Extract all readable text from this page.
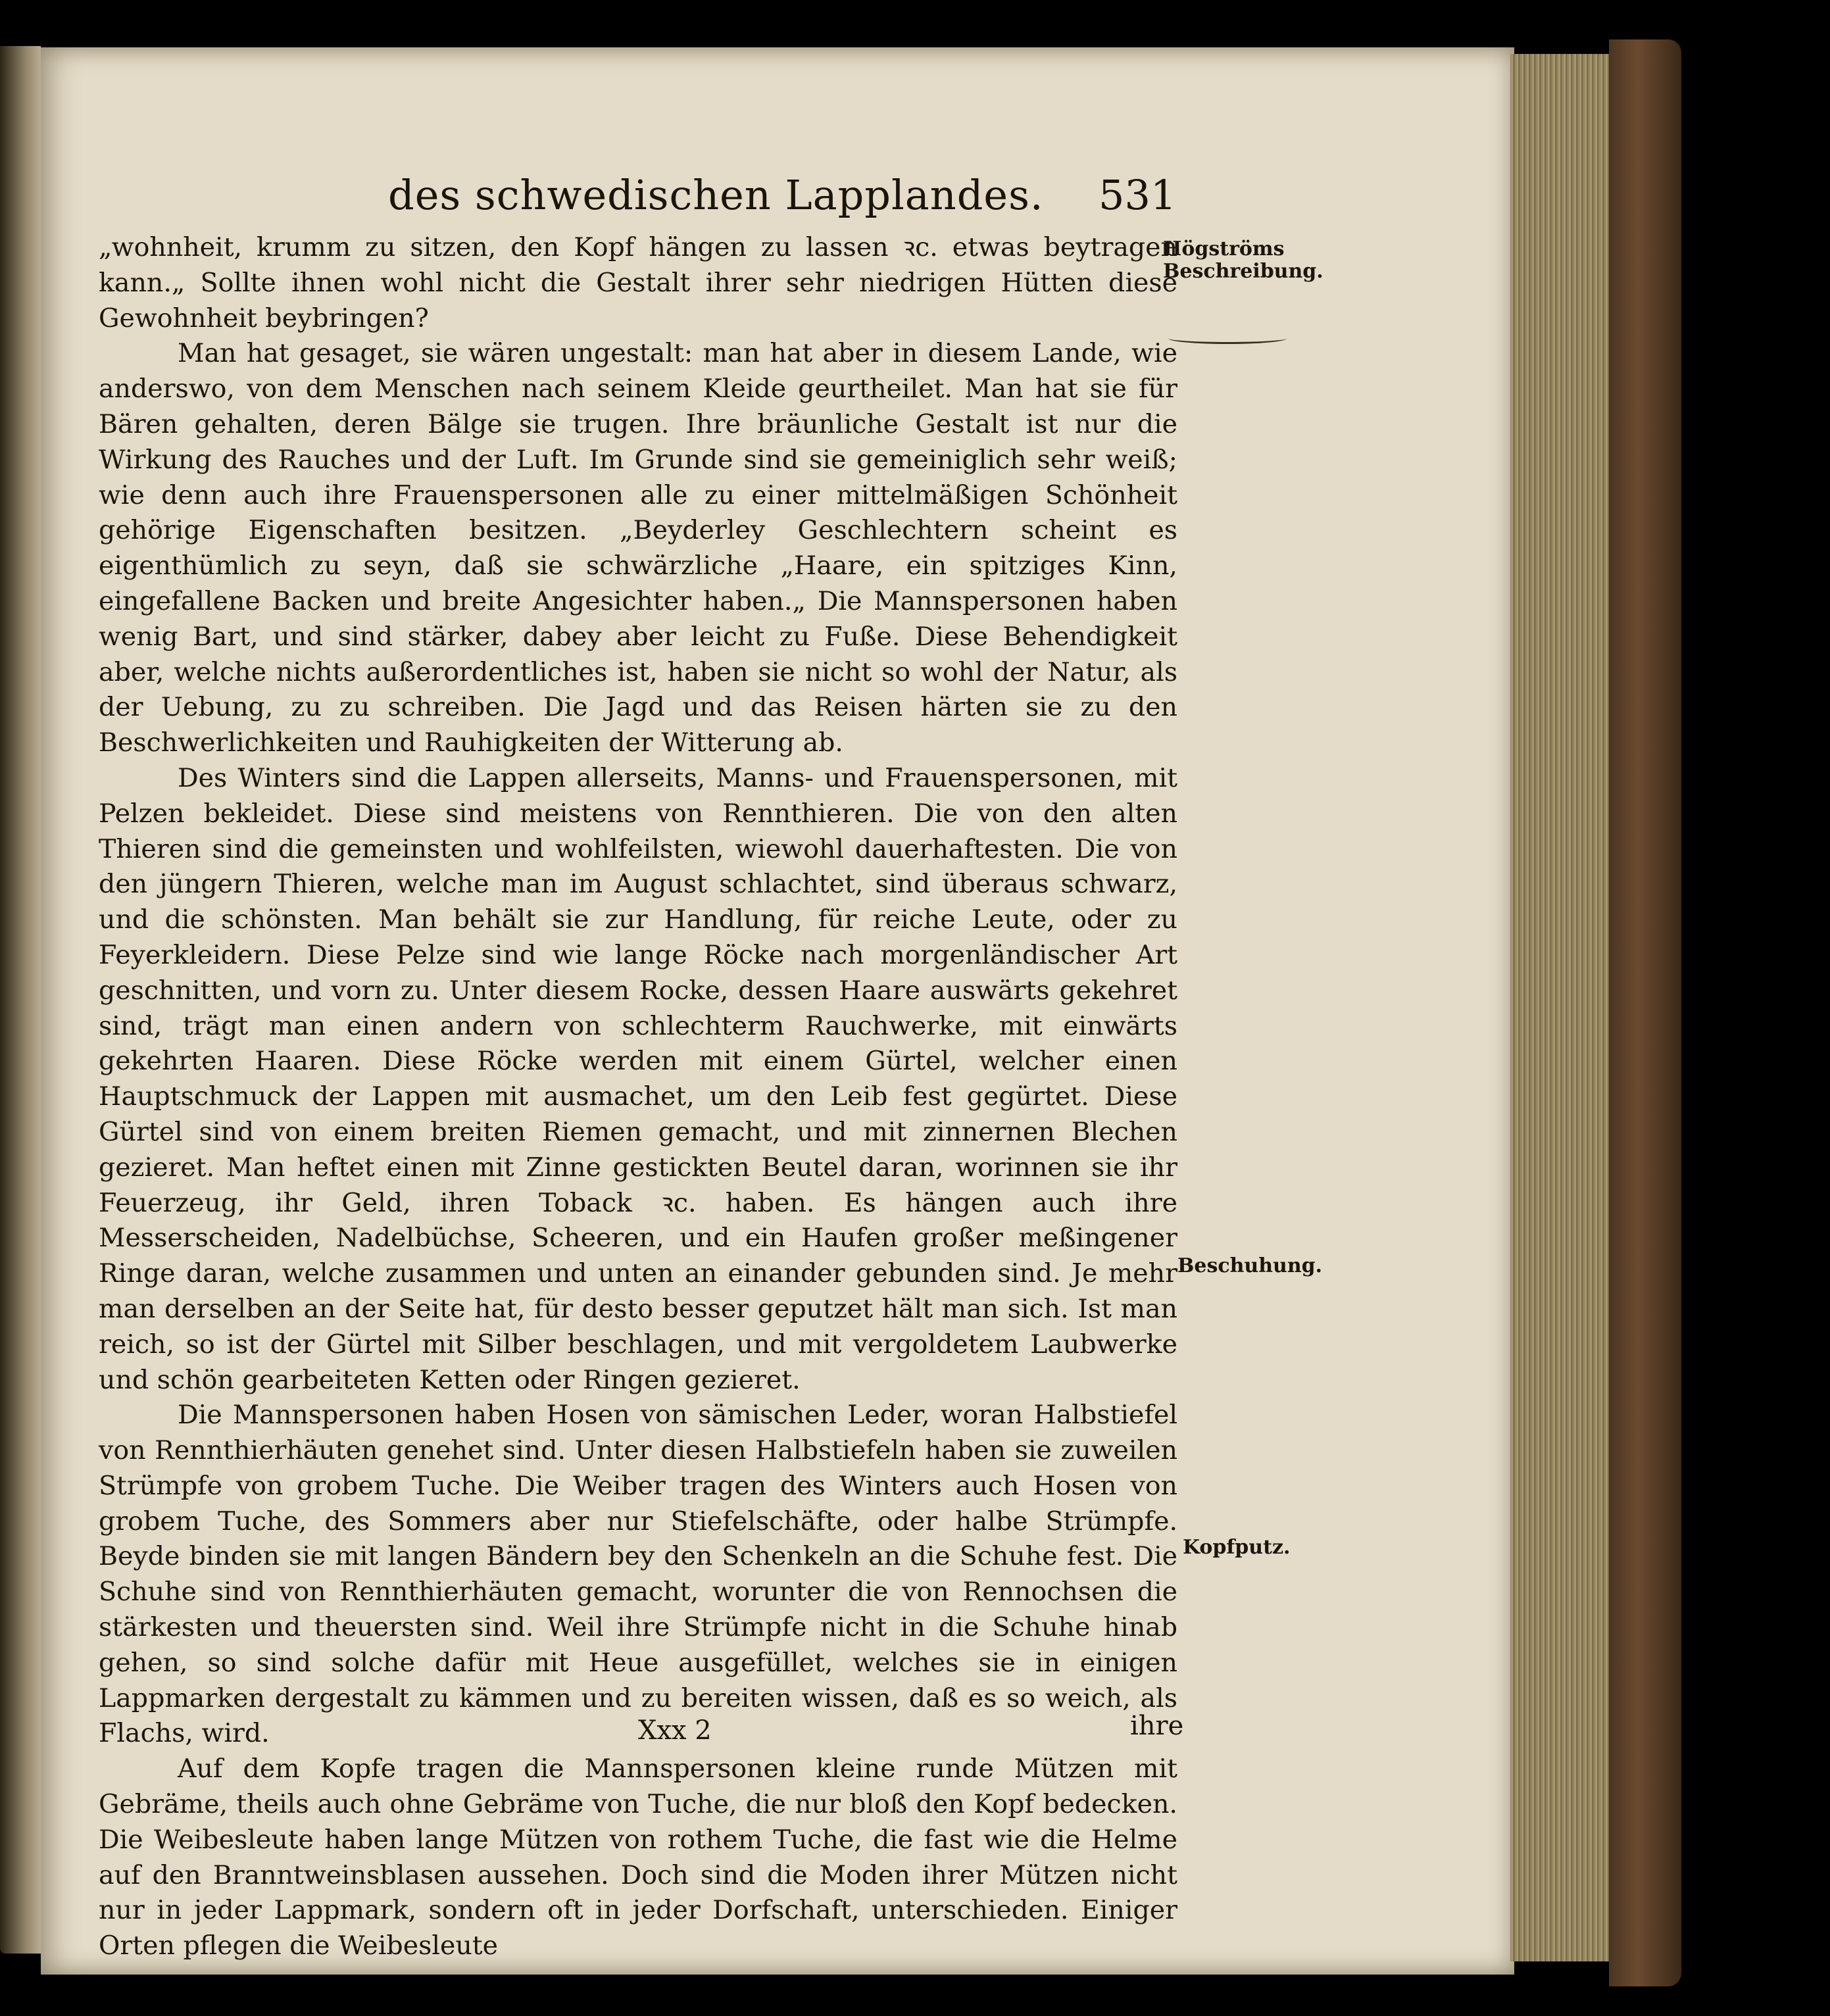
des schwedischen Lapplandes. 531

„wohnheit, krumm zu sitzen, den Kopf hängen zu lassen ꝛc. etwas beytragen kann.„ Sollte ihnen wohl nicht die Gestalt ihrer sehr niedrigen Hütten diese Gewohnheit beybringen?

Man hat gesaget, sie wären ungestalt: man hat aber in diesem Lande, wie anderswo, von dem Menschen nach seinem Kleide geurtheilet. Man hat sie für Bären gehalten, deren Bälge sie trugen. Ihre bräunliche Gestalt ist nur die Wirkung des Rauches und der Luft. Im Grunde sind sie gemeiniglich sehr weiß; wie denn auch ihre Frauenspersonen alle zu einer mittelmäßigen Schönheit gehörige Eigenschaften besitzen. „Beyderley Geschlechtern scheint es eigenthümlich zu seyn, daß sie schwärzliche „Haare, ein spitziges Kinn, eingefallene Backen und breite Angesichter haben.„ Die Mannspersonen haben wenig Bart, und sind stärker, dabey aber leicht zu Fuße. Diese Behendigkeit aber, welche nichts außerordentliches ist, haben sie nicht so wohl der Natur, als der Uebung, zu zu schreiben. Die Jagd und das Reisen härten sie zu den Beschwerlichkeiten und Rauhigkeiten der Witterung ab.

Des Winters sind die Lappen allerseits, Manns- und Frauenspersonen, mit Pelzen bekleidet. Diese sind meistens von Rennthieren. Die von den alten Thieren sind die gemeinsten und wohlfeilsten, wiewohl dauerhaftesten. Die von den jüngern Thieren, welche man im August schlachtet, sind überaus schwarz, und die schönsten. Man behält sie zur Handlung, für reiche Leute, oder zu Feyerkleidern. Diese Pelze sind wie lange Röcke nach morgenländischer Art geschnitten, und vorn zu. Unter diesem Rocke, dessen Haare auswärts gekehret sind, trägt man einen andern von schlechterm Rauchwerke, mit einwärts gekehrten Haaren. Diese Röcke werden mit einem Gürtel, welcher einen Hauptschmuck der Lappen mit ausmachet, um den Leib fest gegürtet. Diese Gürtel sind von einem breiten Riemen gemacht, und mit zinnernen Blechen gezieret. Man heftet einen mit Zinne gestickten Beutel daran, worinnen sie ihr Feuerzeug, ihr Geld, ihren Toback ꝛc. haben. Es hängen auch ihre Messerscheiden, Nadelbüchse, Scheeren, und ein Haufen großer meßingener Ringe daran, welche zusammen und unten an einander gebunden sind. Je mehr man derselben an der Seite hat, für desto besser geputzet hält man sich. Ist man reich, so ist der Gürtel mit Silber beschlagen, und mit vergoldetem Laubwerke und schön gearbeiteten Ketten oder Ringen gezieret.

Die Mannspersonen haben Hosen von sämischen Leder, woran Halbstiefel von Rennthierhäuten genehet sind. Unter diesen Halbstiefeln haben sie zuweilen Strümpfe von grobem Tuche. Die Weiber tragen des Winters auch Hosen von grobem Tuche, des Sommers aber nur Stiefelschäfte, oder halbe Strümpfe. Beyde binden sie mit langen Bändern bey den Schenkeln an die Schuhe fest. Die Schuhe sind von Rennthierhäuten gemacht, worunter die von Rennochsen die stärkesten und theuersten sind. Weil ihre Strümpfe nicht in die Schuhe hinab gehen, so sind solche dafür mit Heue ausgefüllet, welches sie in einigen Lappmarken dergestalt zu kämmen und zu bereiten wissen, daß es so weich, als Flachs, wird.

Auf dem Kopfe tragen die Mannspersonen kleine runde Mützen mit Gebräme, theils auch ohne Gebräme von Tuche, die nur bloß den Kopf bedecken. Die Weibesleute haben lange Mützen von rothem Tuche, die fast wie die Helme auf den Branntweinsblasen aussehen. Doch sind die Moden ihrer Mützen nicht nur in jeder Lappmark, sondern oft in jeder Dorfschaft, unterschieden. Einiger Orten pflegen die Weibesleute

Högströms Beschreibung.
Beschuhung.
Kopfputz.
Xxx 2	ihre
